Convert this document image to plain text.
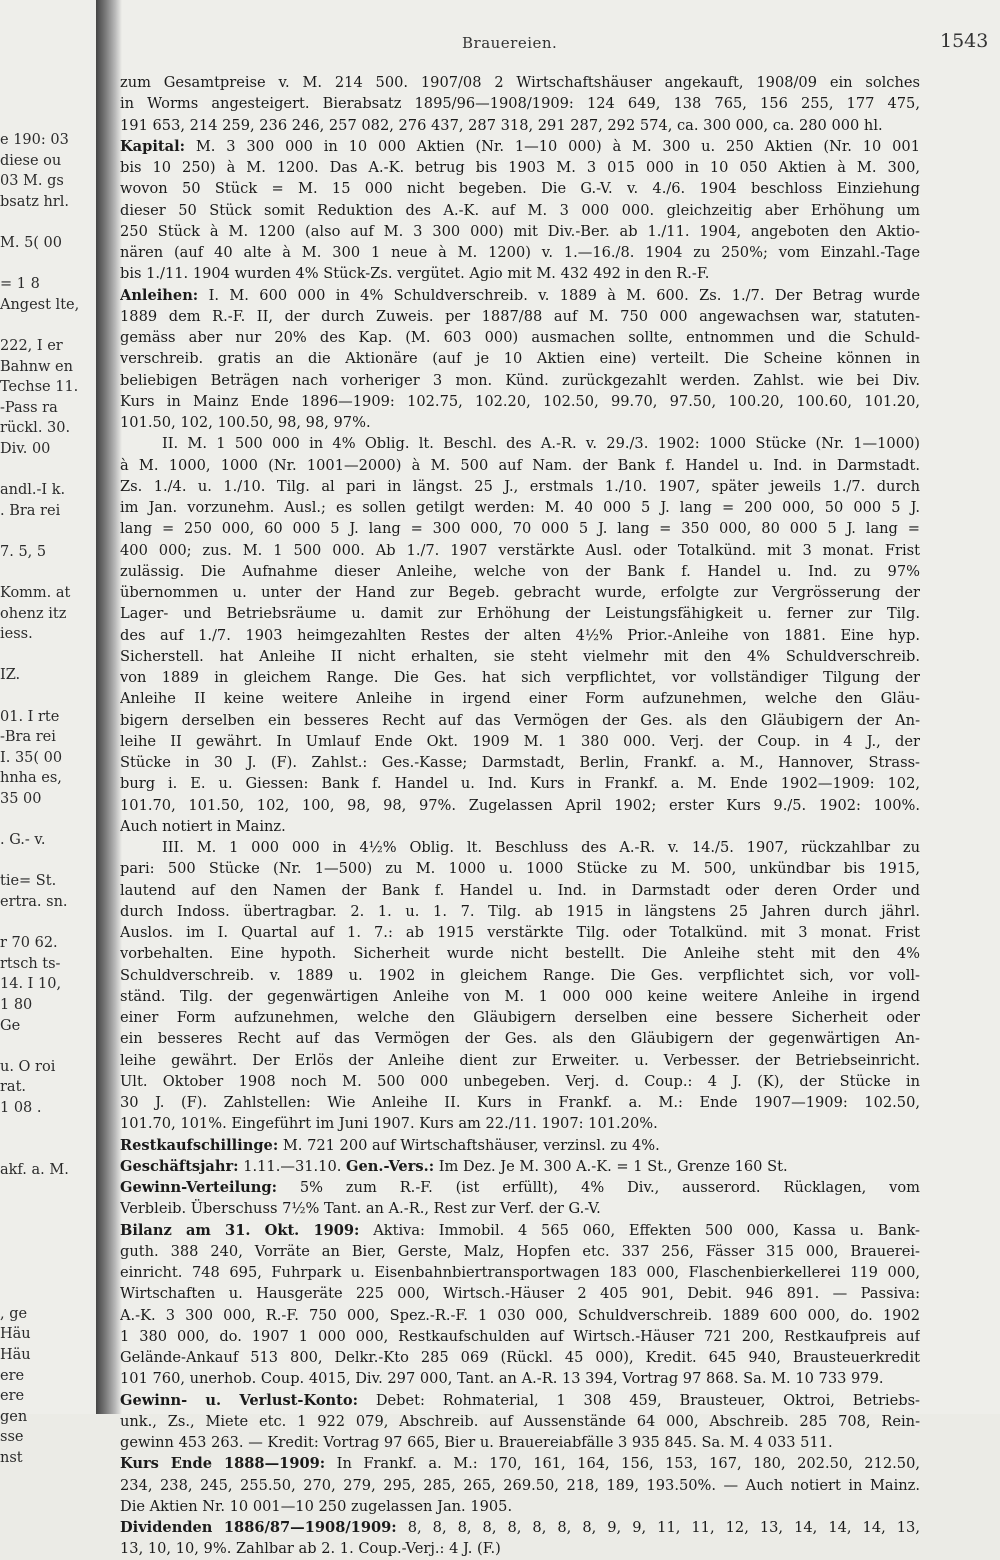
e 190: 03
diese ou
03 M. gs
bsatz hrl.
M. 5( 00
= 1 8
Angest lte,
222, I er
Bahnw en
Techse 11.
-Pass ra
rückl. 30.
Div. 00
andl.-I k.
. Bra rei
7. 5, 5
Komm. at
ohenz itz
iess.
IZ.
01. I rte
-Bra rei
I. 35( 00
hnha es,
35 00
. G.- v.
tie= St.
ertra. sn.
r 70 62.
rtsch ts-
14. I 10,
1 80
Ge
u. O roi
rat.
1 08 .
akf. a. M.
, ge
Häu
Häu
ere
ere
gen
sse
nst
Brauereien.	1543
zum Gesamtpreise v. M. 214 500. 1907/08 2 Wirtschaftshäuser angekauft, 1908/09 ein solches
in Worms angesteigert. Bierabsatz 1895/96—1908/1909: 124 649, 138 765, 156 255, 177 475,
191 653, 214 259, 236 246, 257 082, 276 437, 287 318, 291 287, 292 574, ca. 300 000, ca. 280 000 hl.
Kapital: M. 3 300 000 in 10 000 Aktien (Nr. 1—10 000) à M. 300 u. 250 Aktien (Nr. 10 001
bis 10 250) à M. 1200. Das A.-K. betrug bis 1903 M. 3 015 000 in 10 050 Aktien à M. 300,
wovon 50 Stück = M. 15 000 nicht begeben. Die G.-V. v. 4./6. 1904 beschloss Einziehung
dieser 50 Stück somit Reduktion des A.-K. auf M. 3 000 000. gleichzeitig aber Erhöhung um
250 Stück à M. 1200 (also auf M. 3 300 000) mit Div.-Ber. ab 1./11. 1904, angeboten den Aktio-
nären (auf 40 alte à M. 300 1 neue à M. 1200) v. 1.—16./8. 1904 zu 250%; vom Einzahl.-Tage
bis 1./11. 1904 wurden 4% Stück-Zs. vergütet. Agio mit M. 432 492 in den R.-F.
Anleihen: I. M. 600 000 in 4% Schuldverschreib. v. 1889 à M. 600. Zs. 1./7. Der Betrag wurde
1889 dem R.-F. II, der durch Zuweis. per 1887/88 auf M. 750 000 angewachsen war, statuten-
gemäss aber nur 20% des Kap. (M. 603 000) ausmachen sollte, entnommen und die Schuld-
verschreib. gratis an die Aktionäre (auf je 10 Aktien eine) verteilt. Die Scheine können in
beliebigen Beträgen nach vorheriger 3 mon. Künd. zurückgezahlt werden. Zahlst. wie bei Div.
Kurs in Mainz Ende 1896—1909: 102.75, 102.20, 102.50, 99.70, 97.50, 100.20, 100.60, 101.20,
101.50, 102, 100.50, 98, 98, 97%.
II. M. 1 500 000 in 4% Oblig. lt. Beschl. des A.-R. v. 29./3. 1902: 1000 Stücke (Nr. 1—1000)
à M. 1000, 1000 (Nr. 1001—2000) à M. 500 auf Nam. der Bank f. Handel u. Ind. in Darmstadt.
Zs. 1./4. u. 1./10. Tilg. al pari in längst. 25 J., erstmals 1./10. 1907, später jeweils 1./7. durch
im Jan. vorzunehm. Ausl.; es sollen getilgt werden: M. 40 000 5 J. lang = 200 000, 50 000 5 J.
lang = 250 000, 60 000 5 J. lang = 300 000, 70 000 5 J. lang = 350 000, 80 000 5 J. lang =
400 000; zus. M. 1 500 000. Ab 1./7. 1907 verstärkte Ausl. oder Totalkünd. mit 3 monat. Frist
zulässig. Die Aufnahme dieser Anleihe, welche von der Bank f. Handel u. Ind. zu 97%
übernommen u. unter der Hand zur Begeb. gebracht wurde, erfolgte zur Vergrösserung der
Lager- und Betriebsräume u. damit zur Erhöhung der Leistungsfähigkeit u. ferner zur Tilg.
des auf 1./7. 1903 heimgezahlten Restes der alten 4½% Prior.-Anleihe von 1881. Eine hyp.
Sicherstell. hat Anleihe II nicht erhalten, sie steht vielmehr mit den 4% Schuldverschreib.
von 1889 in gleichem Range. Die Ges. hat sich verpflichtet, vor vollständiger Tilgung der
Anleihe II keine weitere Anleihe in irgend einer Form aufzunehmen, welche den Gläu-
bigern derselben ein besseres Recht auf das Vermögen der Ges. als den Gläubigern der An-
leihe II gewährt. In Umlauf Ende Okt. 1909 M. 1 380 000. Verj. der Coup. in 4 J., der
Stücke in 30 J. (F). Zahlst.: Ges.-Kasse; Darmstadt, Berlin, Frankf. a. M., Hannover, Strass-
burg i. E. u. Giessen: Bank f. Handel u. Ind. Kurs in Frankf. a. M. Ende 1902—1909: 102,
101.70, 101.50, 102, 100, 98, 98, 97%. Zugelassen April 1902; erster Kurs 9./5. 1902: 100%.
Auch notiert in Mainz.
III. M. 1 000 000 in 4½% Oblig. lt. Beschluss des A.-R. v. 14./5. 1907, rückzahlbar zu
pari: 500 Stücke (Nr. 1—500) zu M. 1000 u. 1000 Stücke zu M. 500, unkündbar bis 1915,
lautend auf den Namen der Bank f. Handel u. Ind. in Darmstadt oder deren Order und
durch Indoss. übertragbar. 2. 1. u. 1. 7. Tilg. ab 1915 in längstens 25 Jahren durch jährl.
Auslos. im I. Quartal auf 1. 7.: ab 1915 verstärkte Tilg. oder Totalkünd. mit 3 monat. Frist
vorbehalten. Eine hypoth. Sicherheit wurde nicht bestellt. Die Anleihe steht mit den 4%
Schuldverschreib. v. 1889 u. 1902 in gleichem Range. Die Ges. verpflichtet sich, vor voll-
ständ. Tilg. der gegenwärtigen Anleihe von M. 1 000 000 keine weitere Anleihe in irgend
einer Form aufzunehmen, welche den Gläubigern derselben eine bessere Sicherheit oder
ein besseres Recht auf das Vermögen der Ges. als den Gläubigern der gegenwärtigen An-
leihe gewährt. Der Erlös der Anleihe dient zur Erweiter. u. Verbesser. der Betriebseinricht.
Ult. Oktober 1908 noch M. 500 000 unbegeben. Verj. d. Coup.: 4 J. (K), der Stücke in
30 J. (F). Zahlstellen: Wie Anleihe II. Kurs in Frankf. a. M.: Ende 1907—1909: 102.50,
101.70, 101%. Eingeführt im Juni 1907. Kurs am 22./11. 1907: 101.20%.
Restkaufschillinge: M. 721 200 auf Wirtschaftshäuser, verzinsl. zu 4%.
Geschäftsjahr: 1.11.—31.10. Gen.-Vers.: Im Dez. Je M. 300 A.-K. = 1 St., Grenze 160 St.
Gewinn-Verteilung: 5% zum R.-F. (ist erfüllt), 4% Div., ausserord. Rücklagen, vom
Verbleib. Überschuss 7½% Tant. an A.-R., Rest zur Verf. der G.-V.
Bilanz am 31. Okt. 1909: Aktiva: Immobil. 4 565 060, Effekten 500 000, Kassa u. Bank-
guth. 388 240, Vorräte an Bier, Gerste, Malz, Hopfen etc. 337 256, Fässer 315 000, Brauerei-
einricht. 748 695, Fuhrpark u. Eisenbahnbiertransportwagen 183 000, Flaschenbierkellerei 119 000,
Wirtschaften u. Hausgeräte 225 000, Wirtsch.-Häuser 2 405 901, Debit. 946 891. — Passiva:
A.-K. 3 300 000, R.-F. 750 000, Spez.-R.-F. 1 030 000, Schuldverschreib. 1889 600 000, do. 1902
1 380 000, do. 1907 1 000 000, Restkaufschulden auf Wirtsch.-Häuser 721 200, Restkaufpreis auf
Gelände-Ankauf 513 800, Delkr.-Kto 285 069 (Rückl. 45 000), Kredit. 645 940, Brausteuerkredit
101 760, unerhob. Coup. 4015, Div. 297 000, Tant. an A.-R. 13 394, Vortrag 97 868. Sa. M. 10 733 979.
Gewinn- u. Verlust-Konto: Debet: Rohmaterial, 1 308 459, Brausteuer, Oktroi, Betriebs-
unk., Zs., Miete etc. 1 922 079, Abschreib. auf Aussenstände 64 000, Abschreib. 285 708, Rein-
gewinn 453 263. — Kredit: Vortrag 97 665, Bier u. Brauereiabfälle 3 935 845. Sa. M. 4 033 511.
Kurs Ende 1888—1909: In Frankf. a. M.: 170, 161, 164, 156, 153, 167, 180, 202.50, 212.50,
234, 238, 245, 255.50, 270, 279, 295, 285, 265, 269.50, 218, 189, 193.50%. — Auch notiert in Mainz.
Die Aktien Nr. 10 001—10 250 zugelassen Jan. 1905.
Dividenden 1886/87—1908/1909: 8, 8, 8, 8, 8, 8, 8, 8, 9, 9, 11, 11, 12, 13, 14, 14, 14, 13,
13, 10, 10, 9%. Zahlbar ab 2. 1. Coup.-Verj.: 4 J. (F.)
